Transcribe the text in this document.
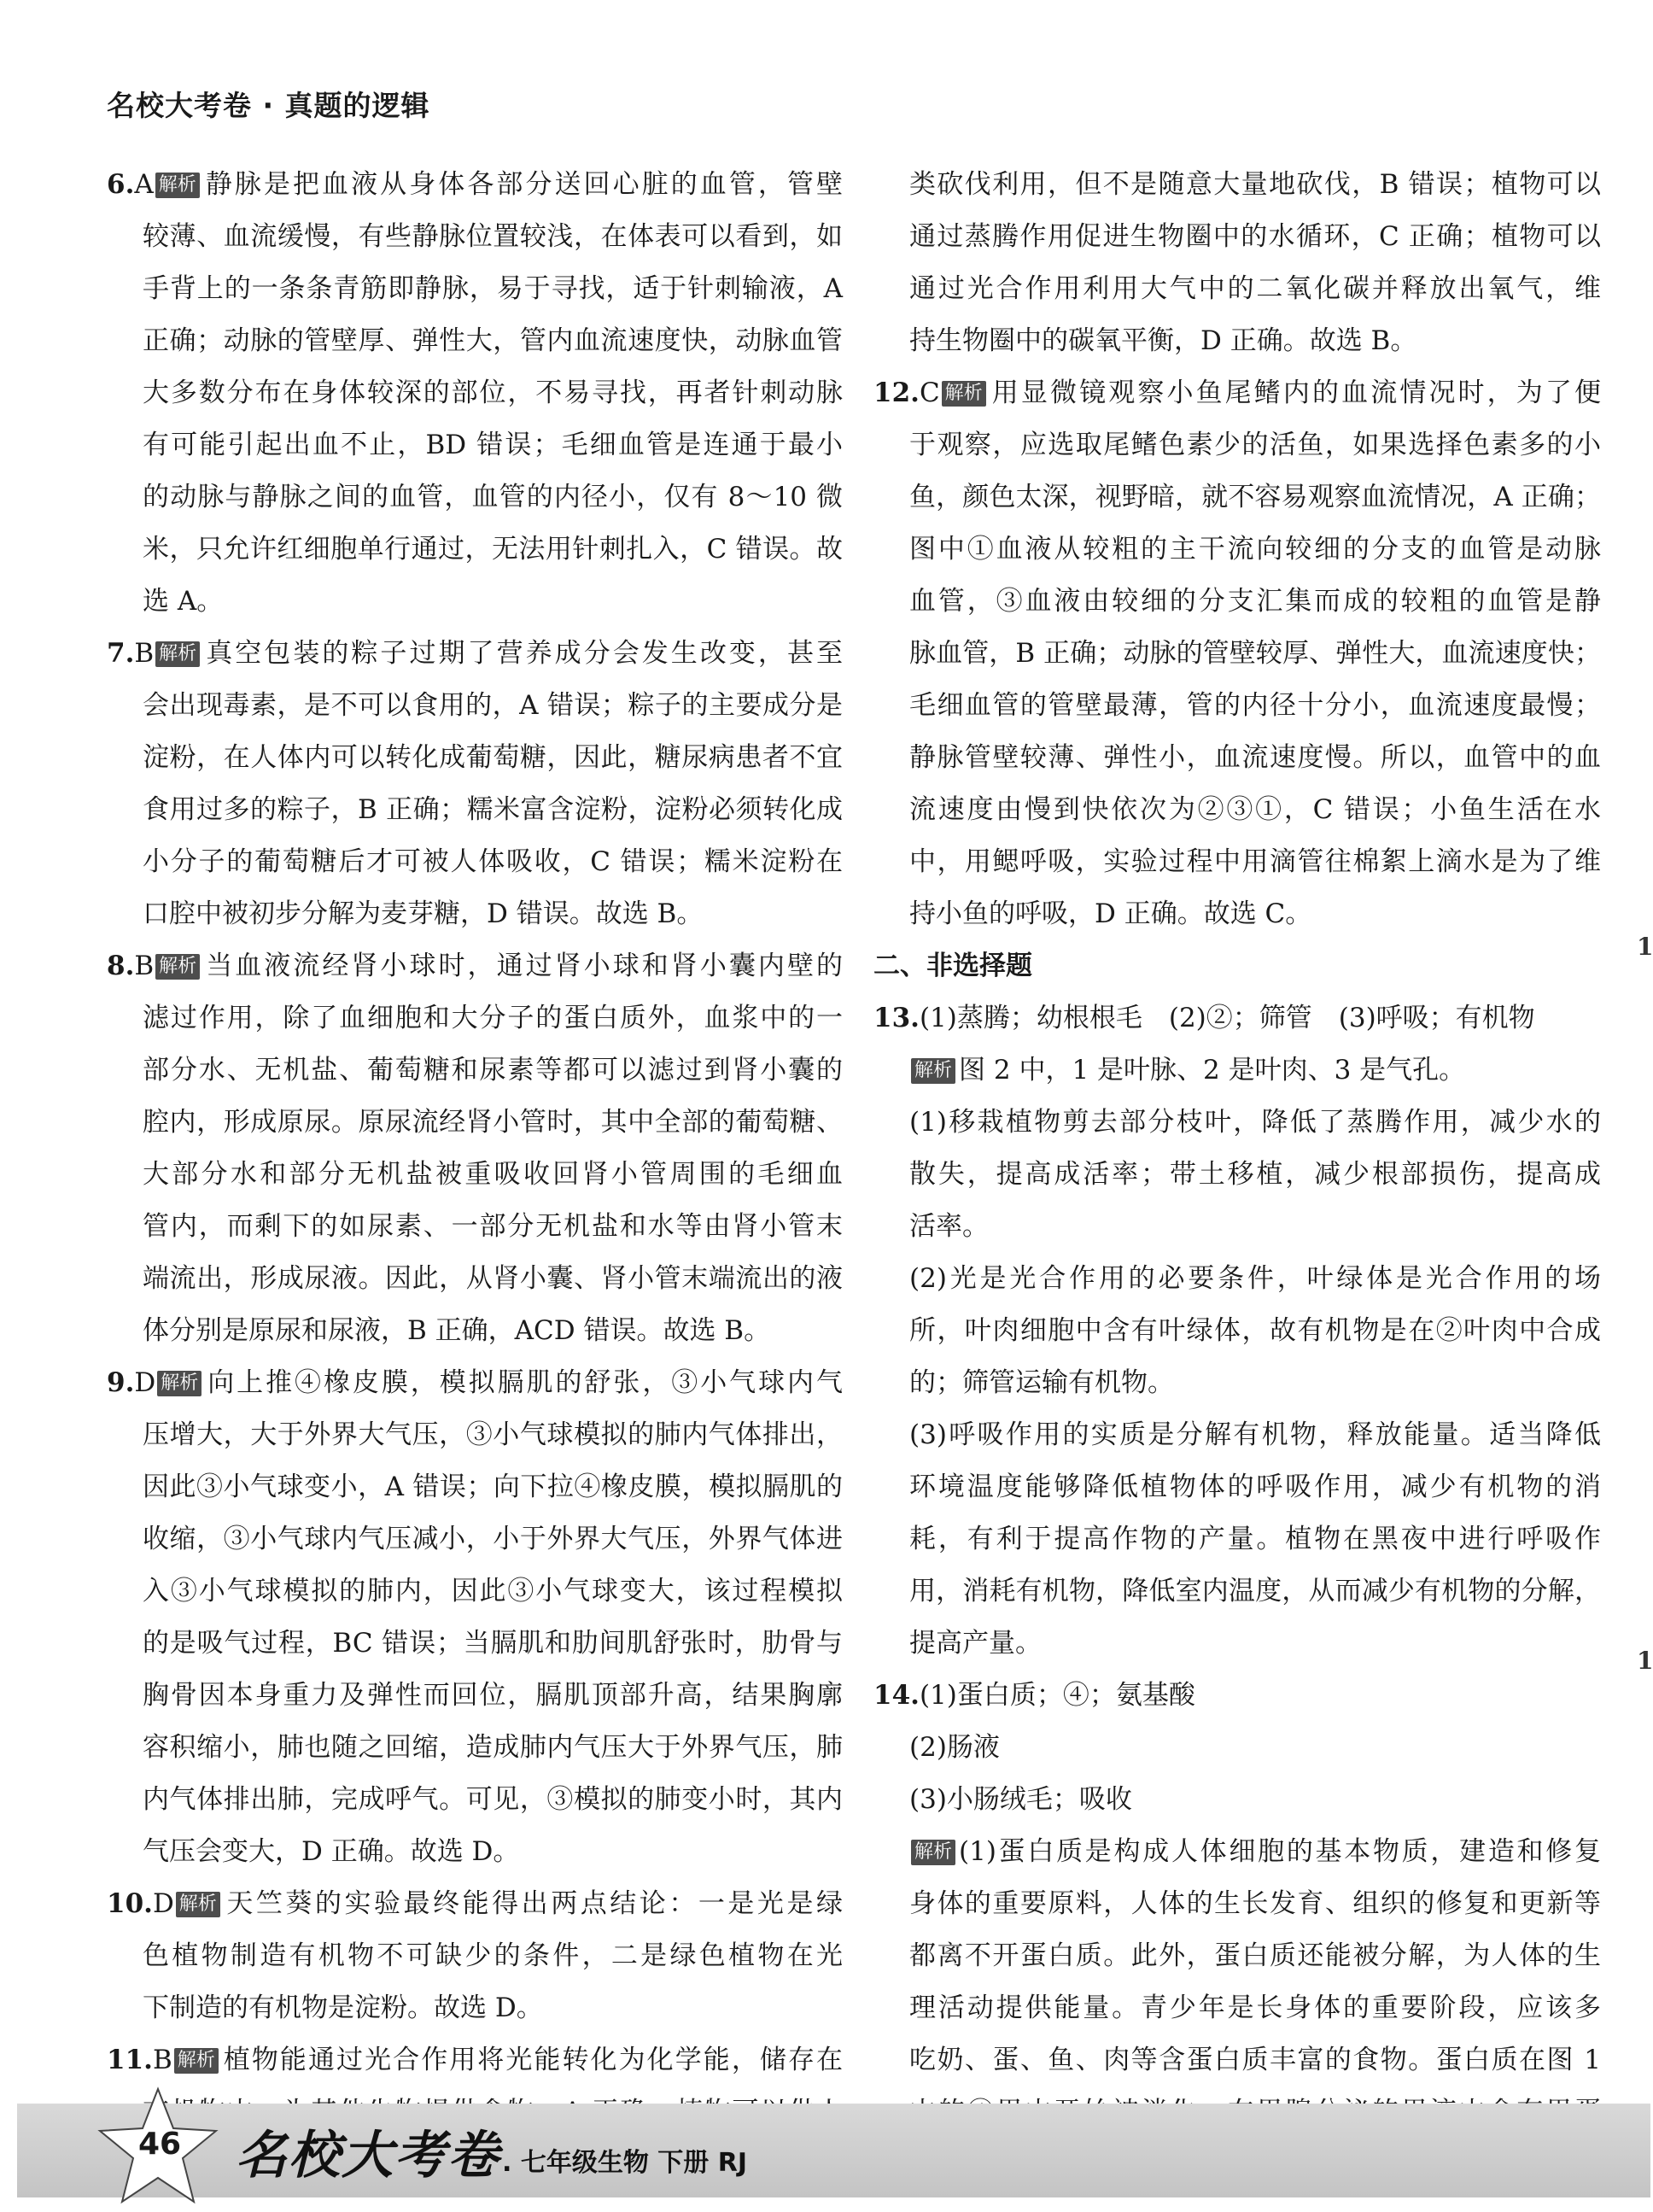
名校大考卷 · 真题的逻辑
6.A 解析 静脉是把血液从身体各部分送回心脏的血管，管壁
较薄、血流缓慢，有些静脉位置较浅，在体表可以看到，如
手背上的一条条青筋即静脉，易于寻找，适于针刺输液，A
正确；动脉的管壁厚、弹性大，管内血流速度快，动脉血管
大多数分布在身体较深的部位，不易寻找，再者针刺动脉
有可能引起出血不止，BD 错误；毛细血管是连通于最小
的动脉与静脉之间的血管，血管的内径小，仅有 8～10 微
米，只允许红细胞单行通过，无法用针刺扎入，C 错误。故
选 A。
7.B 解析 真空包装的粽子过期了营养成分会发生改变，甚至
会出现毒素，是不可以食用的，A 错误；粽子的主要成分是
淀粉，在人体内可以转化成葡萄糖，因此，糖尿病患者不宜
食用过多的粽子，B 正确；糯米富含淀粉，淀粉必须转化成
小分子的葡萄糖后才可被人体吸收，C 错误；糯米淀粉在
口腔中被初步分解为麦芽糖，D 错误。故选 B。
8.B 解析 当血液流经肾小球时，通过肾小球和肾小囊内壁的
滤过作用，除了血细胞和大分子的蛋白质外，血浆中的一
部分水、无机盐、葡萄糖和尿素等都可以滤过到肾小囊的
腔内，形成原尿。原尿流经肾小管时，其中全部的葡萄糖、
大部分水和部分无机盐被重吸收回肾小管周围的毛细血
管内，而剩下的如尿素、一部分无机盐和水等由肾小管末
端流出，形成尿液。因此，从肾小囊、肾小管末端流出的液
体分别是原尿和尿液，B 正确，ACD 错误。故选 B。
9.D 解析 向上推④橡皮膜，模拟膈肌的舒张，③小气球内气
压增大，大于外界大气压，③小气球模拟的肺内气体排出，
因此③小气球变小，A 错误；向下拉④橡皮膜，模拟膈肌的
收缩，③小气球内气压减小，小于外界大气压，外界气体进
入③小气球模拟的肺内，因此③小气球变大，该过程模拟
的是吸气过程，BC 错误；当膈肌和肋间肌舒张时，肋骨与
胸骨因本身重力及弹性而回位，膈肌顶部升高，结果胸廓
容积缩小，肺也随之回缩，造成肺内气压大于外界气压，肺
内气体排出肺，完成呼气。可见，③模拟的肺变小时，其内
气压会变大，D 正确。故选 D。
10.D 解析 天竺葵的实验最终能得出两点结论：一是光是绿
色植物制造有机物不可缺少的条件，二是绿色植物在光
下制造的有机物是淀粉。故选 D。
11.B 解析 植物能通过光合作用将光能转化为化学能，储存在
类砍伐利用，但不是随意大量地砍伐，B 错误；植物可以
通过蒸腾作用促进生物圈中的水循环，C 正确；植物可以
通过光合作用利用大气中的二氧化碳并释放出氧气，维
持生物圈中的碳氧平衡，D 正确。故选 B。
12.C 解析 用显微镜观察小鱼尾鳍内的血流情况时，为了便
于观察，应选取尾鳍色素少的活鱼，如果选择色素多的小
鱼，颜色太深，视野暗，就不容易观察血流情况，A 正确；
图中①血液从较粗的主干流向较细的分支的血管是动脉
血管，③血液由较细的分支汇集而成的较粗的血管是静
脉血管，B 正确；动脉的管壁较厚、弹性大，血流速度快；
毛细血管的管壁最薄，管的内径十分小，血流速度最慢；
静脉管壁较薄、弹性小，血流速度慢。所以，血管中的血
流速度由慢到快依次为②③①，C 错误；小鱼生活在水
中，用鳃呼吸，实验过程中用滴管往棉絮上滴水是为了维
持小鱼的呼吸，D 正确。故选 C。
二、非选择题
13.(1)蒸腾；幼根根毛　(2)②；筛管　(3)呼吸；有机物
解析 图 2 中，1 是叶脉、2 是叶肉、3 是气孔。
(1)移栽植物剪去部分枝叶，降低了蒸腾作用，减少水的
散失，提高成活率；带土移植，减少根部损伤，提高成
活率。
(2)光是光合作用的必要条件，叶绿体是光合作用的场
所，叶肉细胞中含有叶绿体，故有机物是在②叶肉中合成
的；筛管运输有机物。
(3)呼吸作用的实质是分解有机物，释放能量。适当降低
环境温度能够降低植物体的呼吸作用，减少有机物的消
耗，有利于提高作物的产量。植物在黑夜中进行呼吸作
用，消耗有机物，降低室内温度，从而减少有机物的分解，
提高产量。
14.(1)蛋白质；④；氨基酸
(2)肠液
(3)小肠绒毛；吸收
解析 (1)蛋白质是构成人体细胞的基本物质，建造和修复
身体的重要原料，人体的生长发育、组织的修复和更新等
都离不开蛋白质。此外，蛋白质还能被分解，为人体的生
理活动提供能量。青少年是长身体的重要阶段，应该多
吃奶、蛋、鱼、肉等含蛋白质丰富的食物。蛋白质在图 1
1
1
46 名校大考卷 . 七年级生物 下册 RJ
